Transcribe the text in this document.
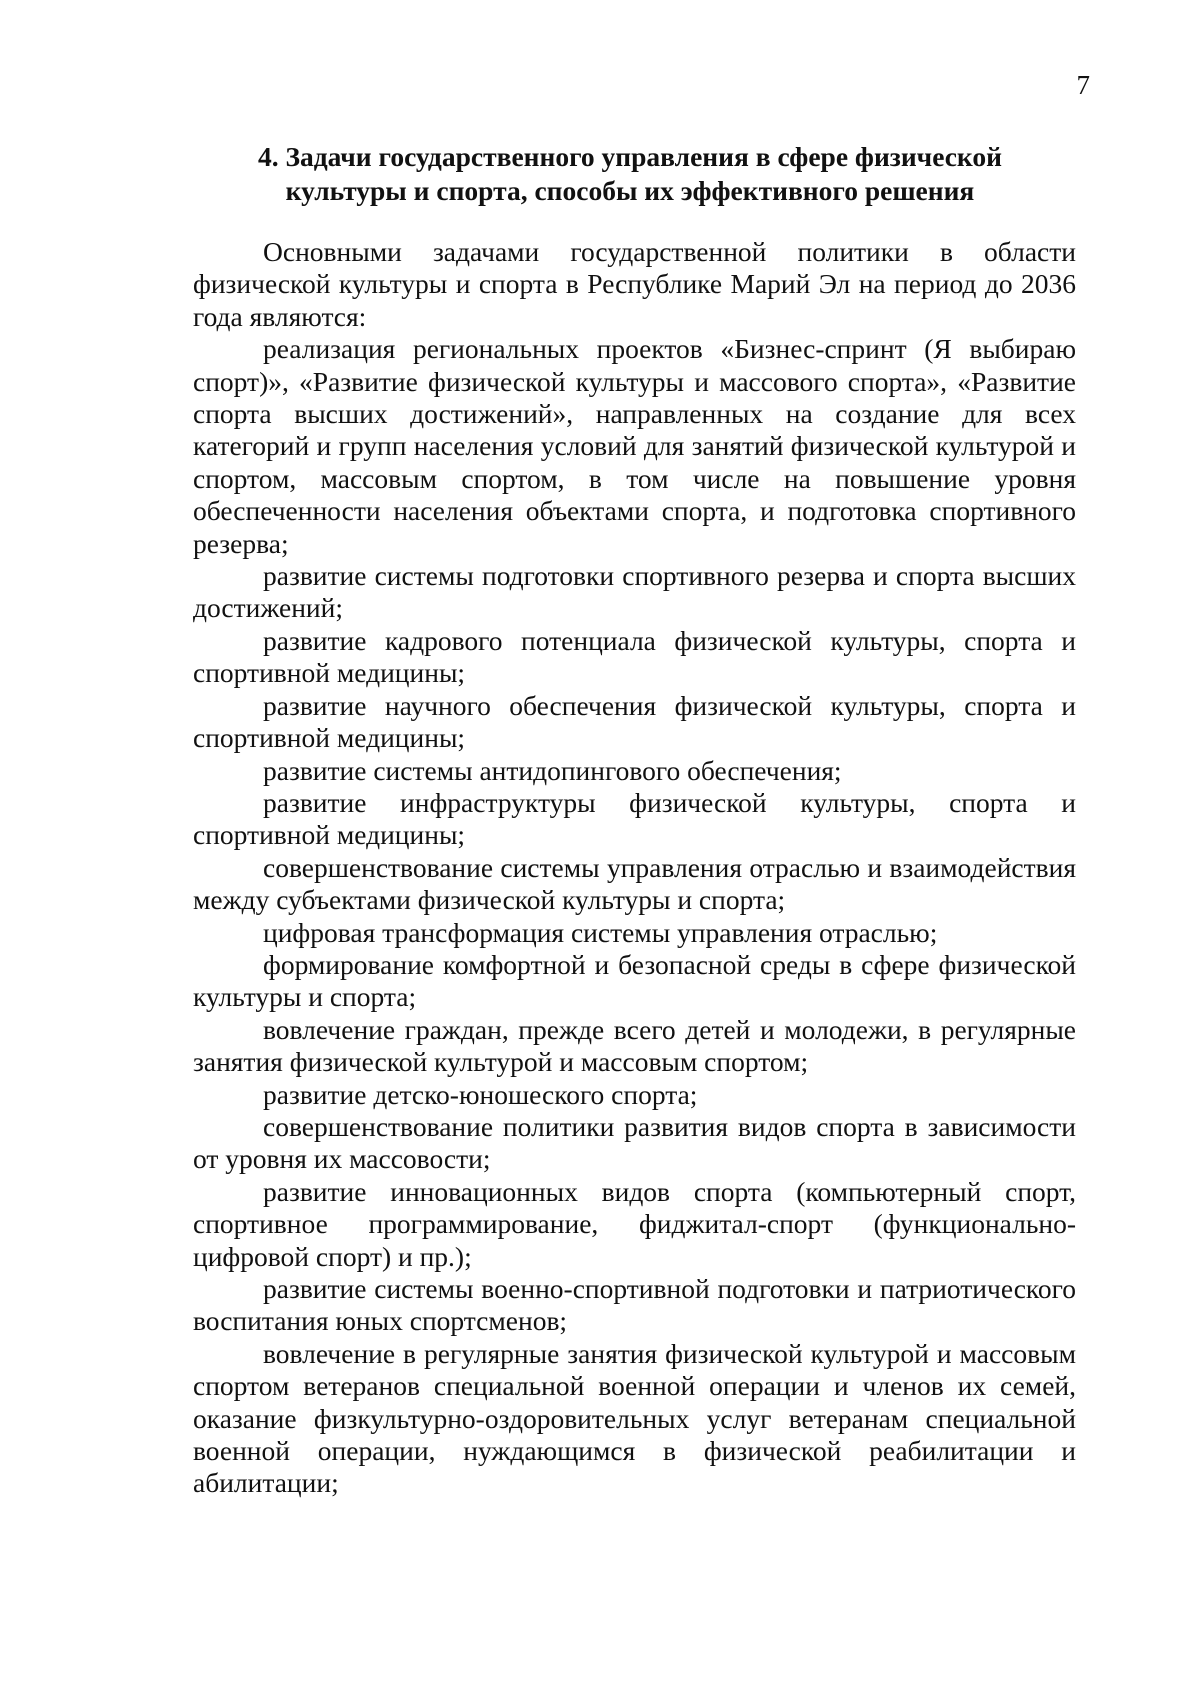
7
4. Задачи государственного управления в сфере физической
культуры и спорта, способы их эффективного решения

Основными задачами государственной политики в области физической культуры и спорта в Республике Марий Эл на период до 2036 года являются:

реализация региональных проектов «Бизнес-спринт (Я выбираю спорт)», «Развитие физической культуры и массового спорта», «Развитие спорта высших достижений», направленных на создание для всех категорий и групп населения условий для занятий физической культурой и спортом, массовым спортом, в том числе на повышение уровня обеспеченности населения объектами спорта, и подготовка спортивного резерва;

развитие системы подготовки спортивного резерва и спорта высших достижений;

развитие кадрового потенциала физической культуры, спорта и спортивной медицины;

развитие научного обеспечения физической культуры, спорта и спортивной медицины;

развитие системы антидопингового обеспечения;

развитие инфраструктуры физической культуры, спорта и спортивной медицины;

совершенствование системы управления отраслью и взаимодействия между субъектами физической культуры и спорта;

цифровая трансформация системы управления отраслью;

формирование комфортной и безопасной среды в сфере физической культуры и спорта;

вовлечение граждан, прежде всего детей и молодежи, в регулярные занятия физической культурой и массовым спортом;

развитие детско-юношеского спорта;

совершенствование политики развития видов спорта в зависимости от уровня их массовости;

развитие инновационных видов спорта (компьютерный спорт, спортивное программирование, фиджитал-спорт (функционально-цифровой спорт) и пр.);

развитие системы военно-спортивной подготовки и патриотического воспитания юных спортсменов;

вовлечение в регулярные занятия физической культурой и массовым спортом ветеранов специальной военной операции и членов их семей, оказание физкультурно-оздоровительных услуг ветеранам специальной военной операции, нуждающимся в физической реабилитации и абилитации;
